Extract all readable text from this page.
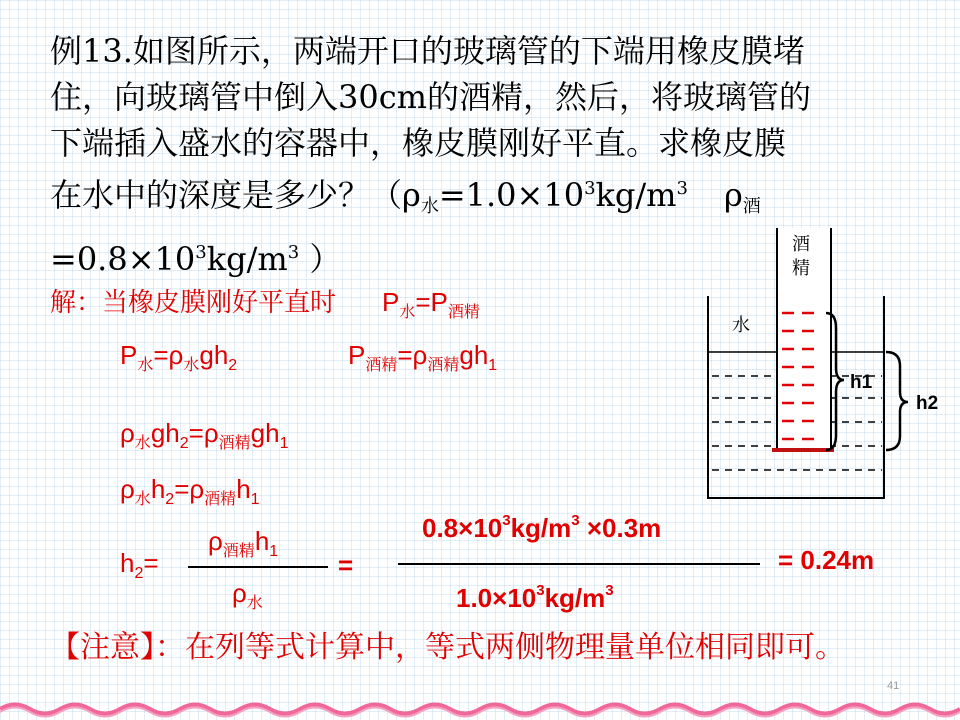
例13.如图所示，两端开口的玻璃管的下端用橡皮膜堵
住，向玻璃管中倒入30cm的酒精，然后，将玻璃管的
下端插入盛水的容器中，橡皮膜刚好平直。求橡皮膜
在水中的深度是多少？（$\rho_水=1.0\times 10^3kg/m^3$ $\rho_酒$
$=0.8\times 10^3kg/m^3$ ）
解：当橡皮膜刚好平直时 $P_水=P_{酒精}$
$P_水=\rho_水gh_2$	$P_{酒精}=\rho_{酒精}gh_1$
$\rho_水gh_2=\rho_{酒精}gh_1$
$\rho_水h_2=\rho_{酒精}h_1$
$h_2=$
$\rho_{酒精}h_1$
$\rho_水$
=
$0.8\times 10^3kg/m^3 \times 0.3m$
$1.0\times 10^3kg/m^3$
= 0.24m
【注意】：在列等式计算中，等式两侧物理量单位相同即可。
酒
精
水
h1
h2
41
